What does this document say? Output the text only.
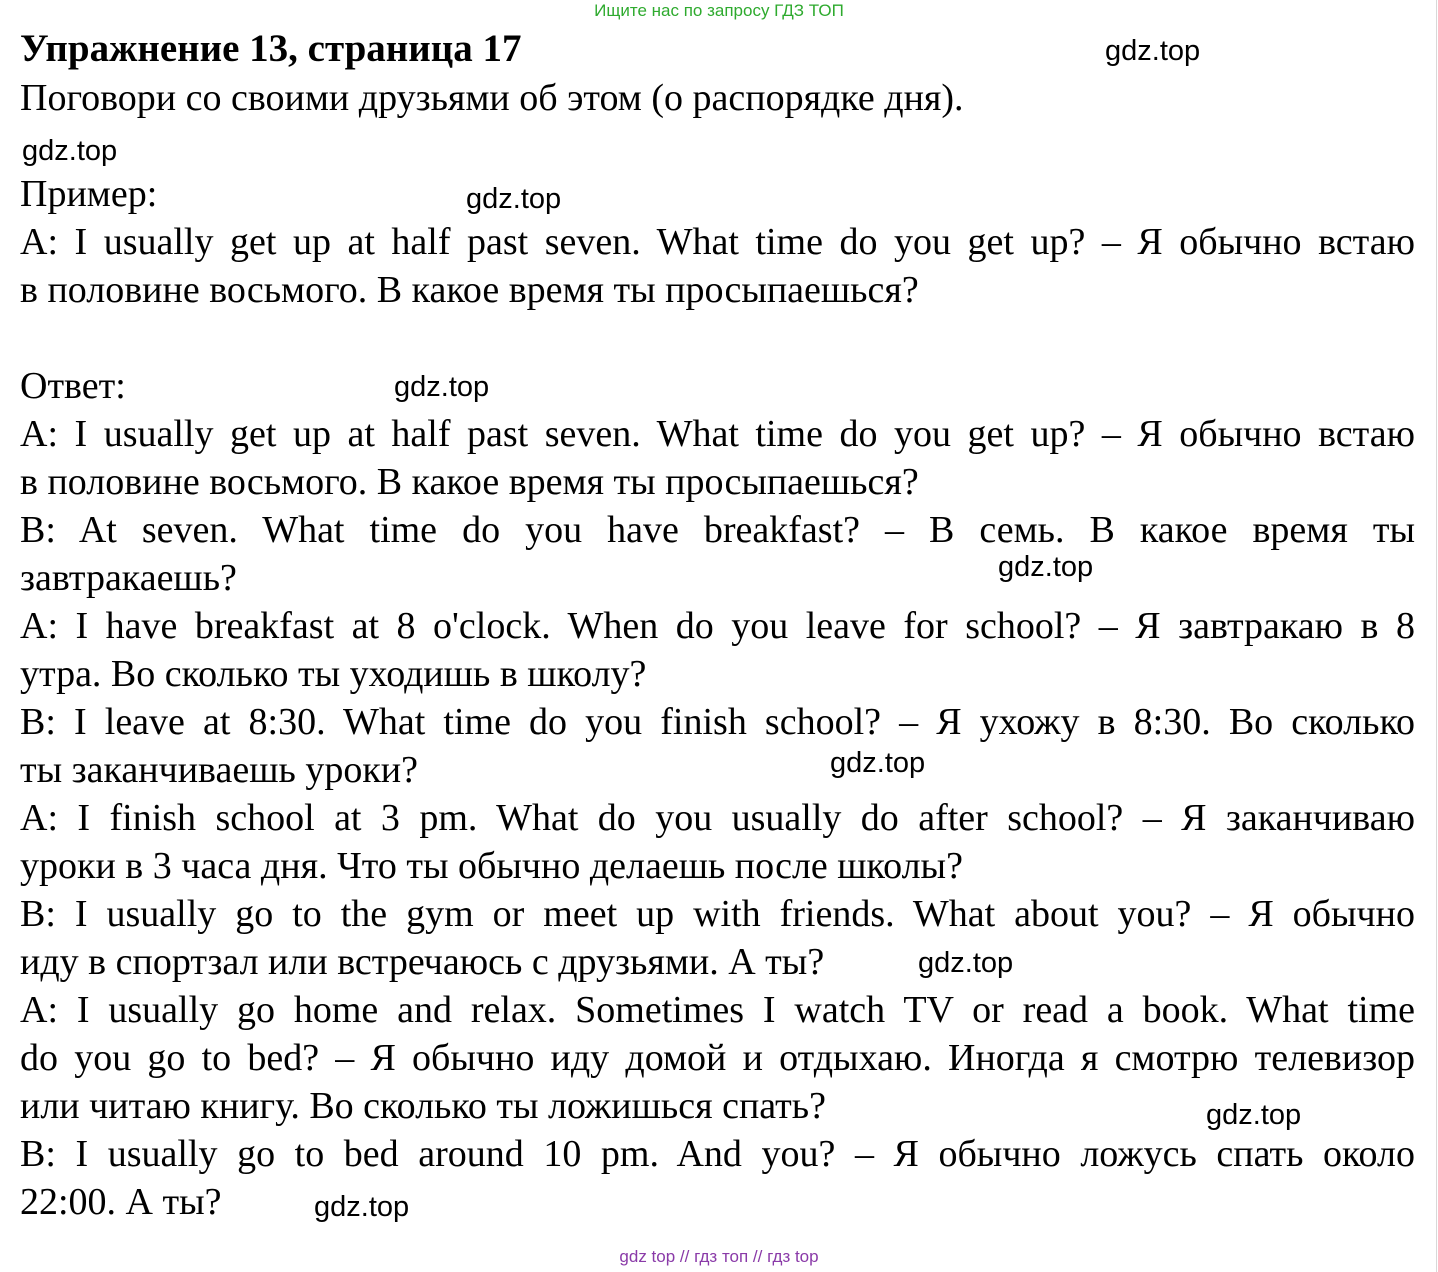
Ищите нас по запросу ГДЗ ТОП
Упражнение 13, страница 17
Поговори со своими друзьями об этом (о распорядке дня).
Пример:
A: I usually get up at half past seven. What time do you get up? – Я обычно встаю
в половине восьмого. В какое время ты просыпаешься?
Ответ:
A: I usually get up at half past seven. What time do you get up? – Я обычно встаю
в половине восьмого. В какое время ты просыпаешься?
B: At seven. What time do you have breakfast? – В семь. В какое время ты
завтракаешь?
A: I have breakfast at 8 o'clock. When do you leave for school? – Я завтракаю в 8
утра. Во сколько ты уходишь в школу?
B: I leave at 8:30. What time do you finish school? – Я ухожу в 8:30. Во сколько
ты заканчиваешь уроки?
A: I finish school at 3 pm. What do you usually do after school? – Я заканчиваю
уроки в 3 часа дня. Что ты обычно делаешь после школы?
B: I usually go to the gym or meet up with friends. What about you? – Я обычно
иду в спортзал или встречаюсь с друзьями. А ты?
A: I usually go home and relax. Sometimes I watch TV or read a book. What time
do you go to bed? – Я обычно иду домой и отдыхаю. Иногда я смотрю телевизор
или читаю книгу. Во сколько ты ложишься спать?
B: I usually go to bed around 10 pm. And you? – Я обычно ложусь спать около
22:00. А ты?
gdz.top
gdz.top
gdz.top
gdz.top
gdz.top
gdz.top
gdz.top
gdz.top
gdz.top
gdz top // гдз топ // гдз top
